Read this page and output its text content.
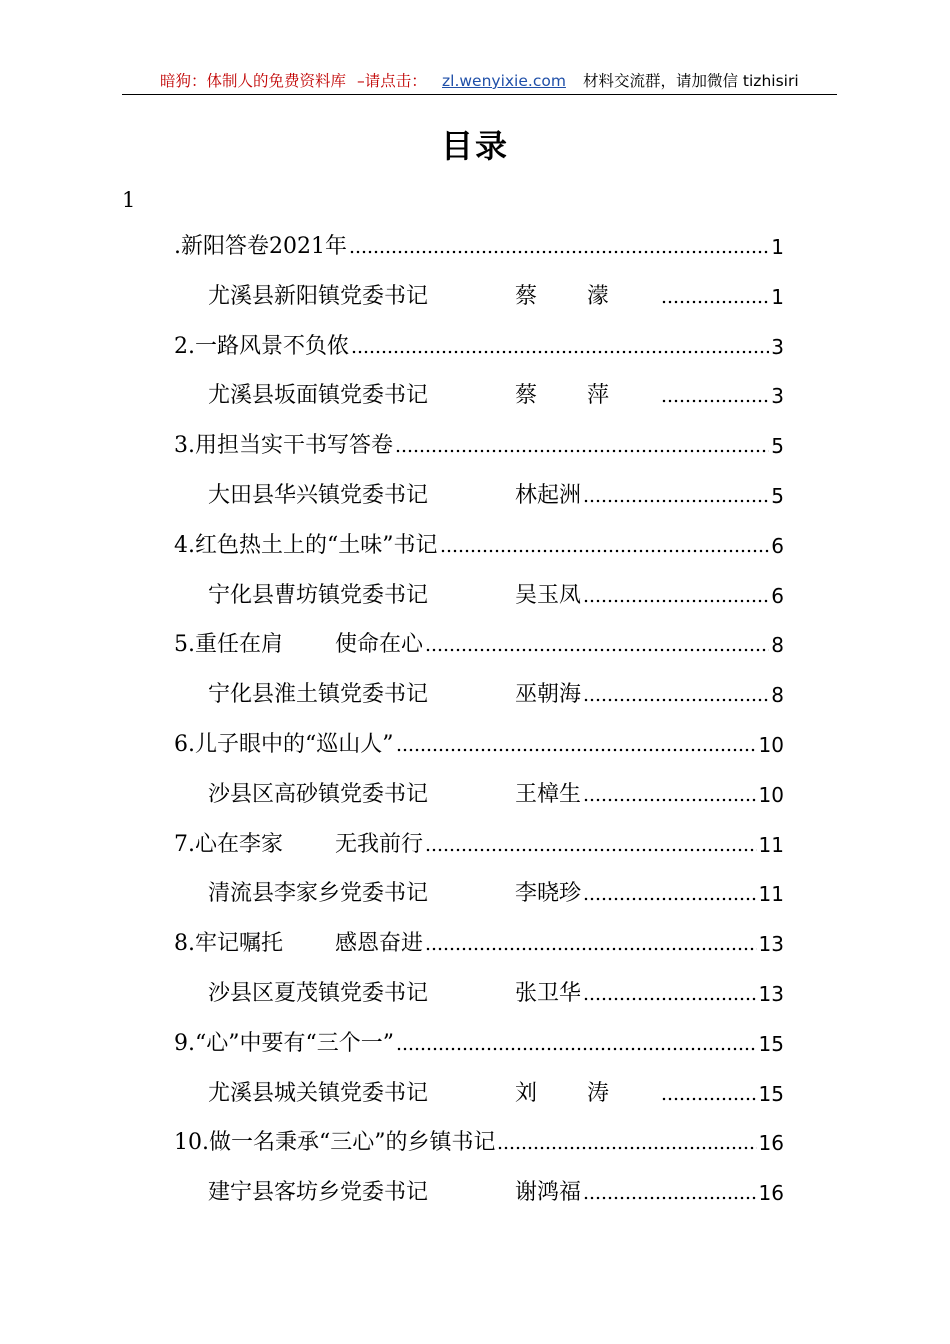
暗狗：体制人的免费资料库 –请点击： zl.wenyixie.com 材料交流群，请加微信 tizhisiri
目录
1
.新阳答卷2021年	1
尤溪县新阳镇党委书记	蔡濛	1
2.一路风景不负侬	3
尤溪县坂面镇党委书记	蔡萍	3
3.用担当实干书写答卷	5
大田县华兴镇党委书记	林起洲	5
4.红色热土上的“土味”书记	6
宁化县曹坊镇党委书记	吴玉凤	6
5.重任在肩 使命在心	8
宁化县淮土镇党委书记	巫朝海	8
6.儿子眼中的“巡山人”	10
沙县区高砂镇党委书记	王樟生	10
7.心在李家 无我前行	11
清流县李家乡党委书记	李晓珍	11
8.牢记嘱托 感恩奋进	13
沙县区夏茂镇党委书记	张卫华	13
9.“心”中要有“三个一”	15
尤溪县城关镇党委书记	刘涛	15
10.做一名秉承“三心”的乡镇书记	16
建宁县客坊乡党委书记	谢鸿福	16
